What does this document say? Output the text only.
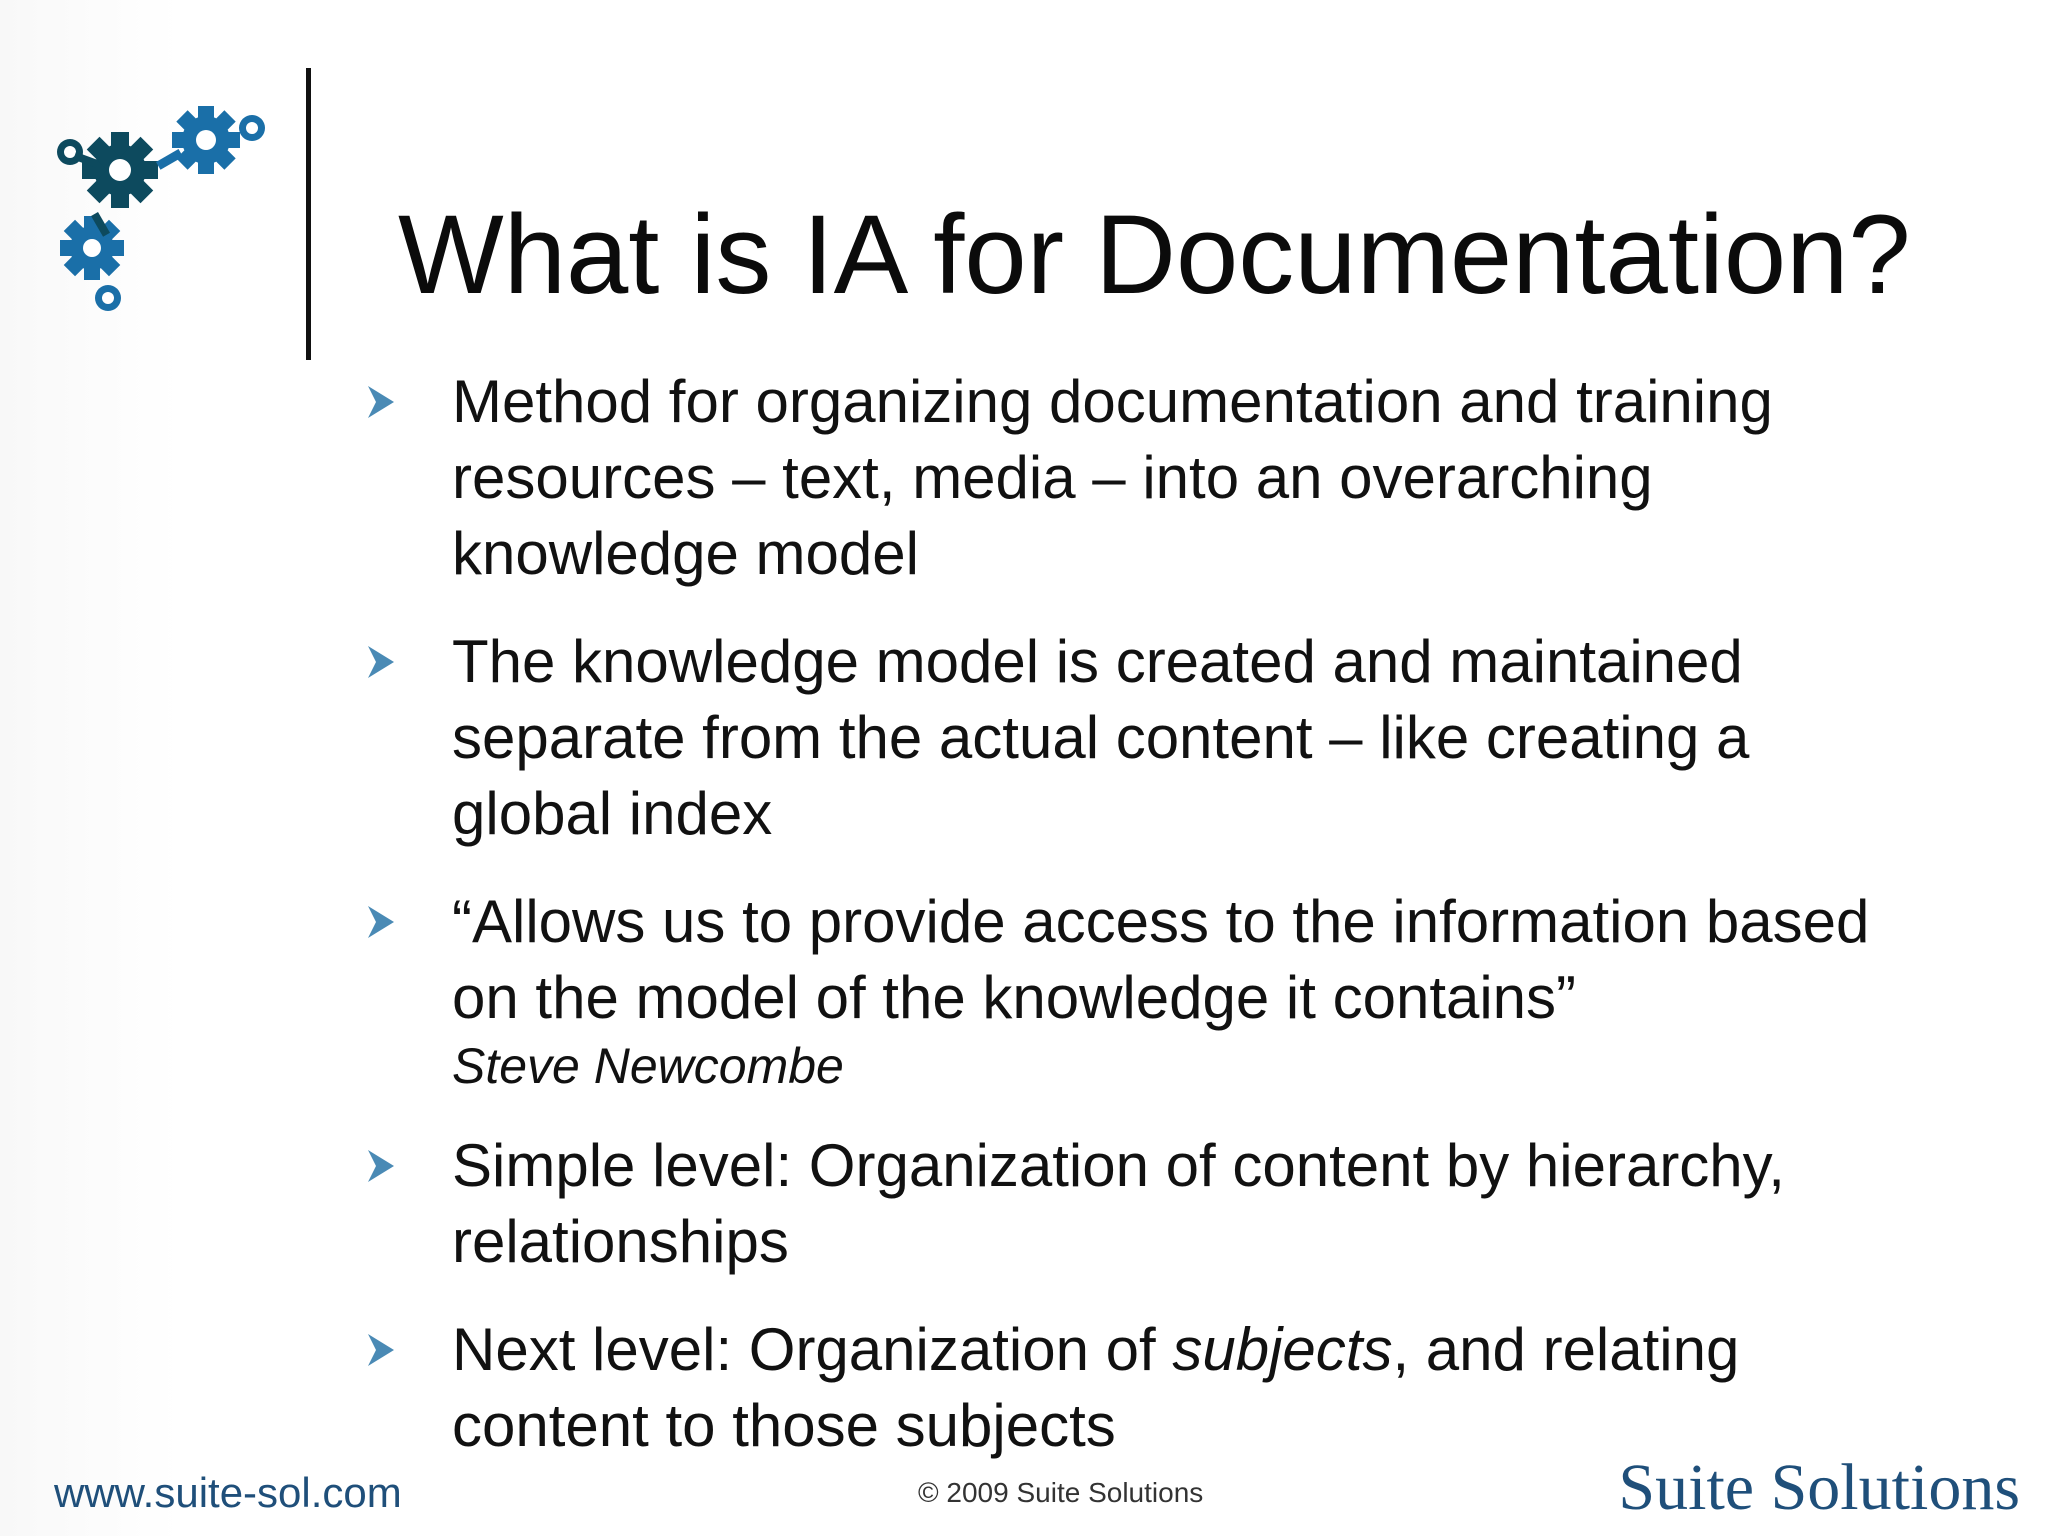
What is IA for Documentation?
Method for organizing documentation and training resources – text, media – into an overarching knowledge model
The knowledge model is created and maintained separate from the actual content – like creating a global index
“Allows us to provide access to the information based on the model of the knowledge it contains”
Steve Newcombe
Simple level: Organization of content by hierarchy, relationships
Next level: Organization of subjects, and relating content to those subjects
www.suite-sol.com	© 2009 Suite Solutions	Suite Solutions
